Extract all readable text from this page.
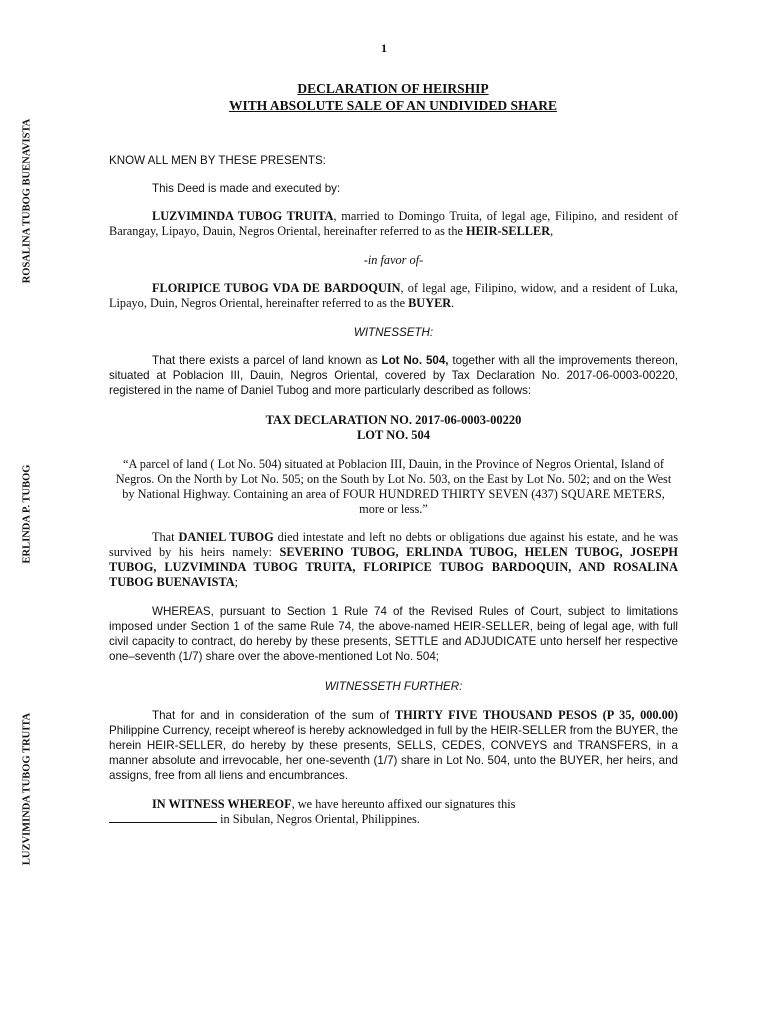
1
DECLARATION OF HEIRSHIP
WITH ABSOLUTE SALE OF AN UNDIVIDED SHARE
ROSALINA TUBOG BUENAVISTA
ERLINDA P. TUBOG
LUZVIMINDA TUBOG TRUITA

KNOW ALL MEN BY THESE PRESENTS:

This Deed is made and executed by:

LUZVIMINDA TUBOG TRUITA, married to Domingo Truita, of legal age, Filipino, and resident of Barangay, Lipayo, Dauin, Negros Oriental, hereinafter referred to as the HEIR-SELLER,

-in favor of-

FLORIPICE TUBOG VDA DE BARDOQUIN, of legal age, Filipino, widow, and a resident of Luka, Lipayo, Duin, Negros Oriental, hereinafter referred to as the BUYER.

WITNESSETH:

That there exists a parcel of land known as Lot No. 504, together with all the improvements thereon, situated at Poblacion III, Dauin, Negros Oriental, covered by Tax Declaration No. 2017-06-0003-00220, registered in the name of Daniel Tubog and more particularly described as follows:

TAX DECLARATION NO. 2017-06-0003-00220
LOT NO. 504

“A parcel of land ( Lot No. 504) situated at Poblacion III, Dauin, in the Province of Negros Oriental, Island of Negros. On the North by Lot No. 505; on the South by Lot No. 503, on the East by Lot No. 502; and on the West by National Highway. Containing an area of FOUR HUNDRED THIRTY SEVEN (437) SQUARE METERS, more or less.”

That DANIEL TUBOG died intestate and left no debts or obligations due against his estate, and he was survived by his heirs namely: SEVERINO TUBOG, ERLINDA TUBOG, HELEN TUBOG, JOSEPH TUBOG, LUZVIMINDA TUBOG TRUITA, FLORIPICE TUBOG BARDOQUIN, AND ROSALINA TUBOG BUENAVISTA;

WHEREAS, pursuant to Section 1 Rule 74 of the Revised Rules of Court, subject to limitations imposed under Section 1 of the same Rule 74, the above-named HEIR-SELLER, being of legal age, with full civil capacity to contract, do hereby by these presents, SETTLE and ADJUDICATE unto herself her respective one–seventh (1/7) share over the above-mentioned Lot No. 504;

WITNESSETH FURTHER:

That for and in consideration of the sum of THIRTY FIVE THOUSAND PESOS (P 35, 000.00) Philippine Currency, receipt whereof is hereby acknowledged in full by the HEIR-SELLER from the BUYER, the herein HEIR-SELLER, do hereby by these presents, SELLS, CEDES, CONVEYS and TRANSFERS, in a manner absolute and irrevocable, her one-seventh (1/7) share in Lot No. 504, unto the BUYER, her heirs, and assigns, free from all liens and encumbrances.

IN WITNESS WHEREOF, we have hereunto affixed our signatures this
in Sibulan, Negros Oriental, Philippines.
